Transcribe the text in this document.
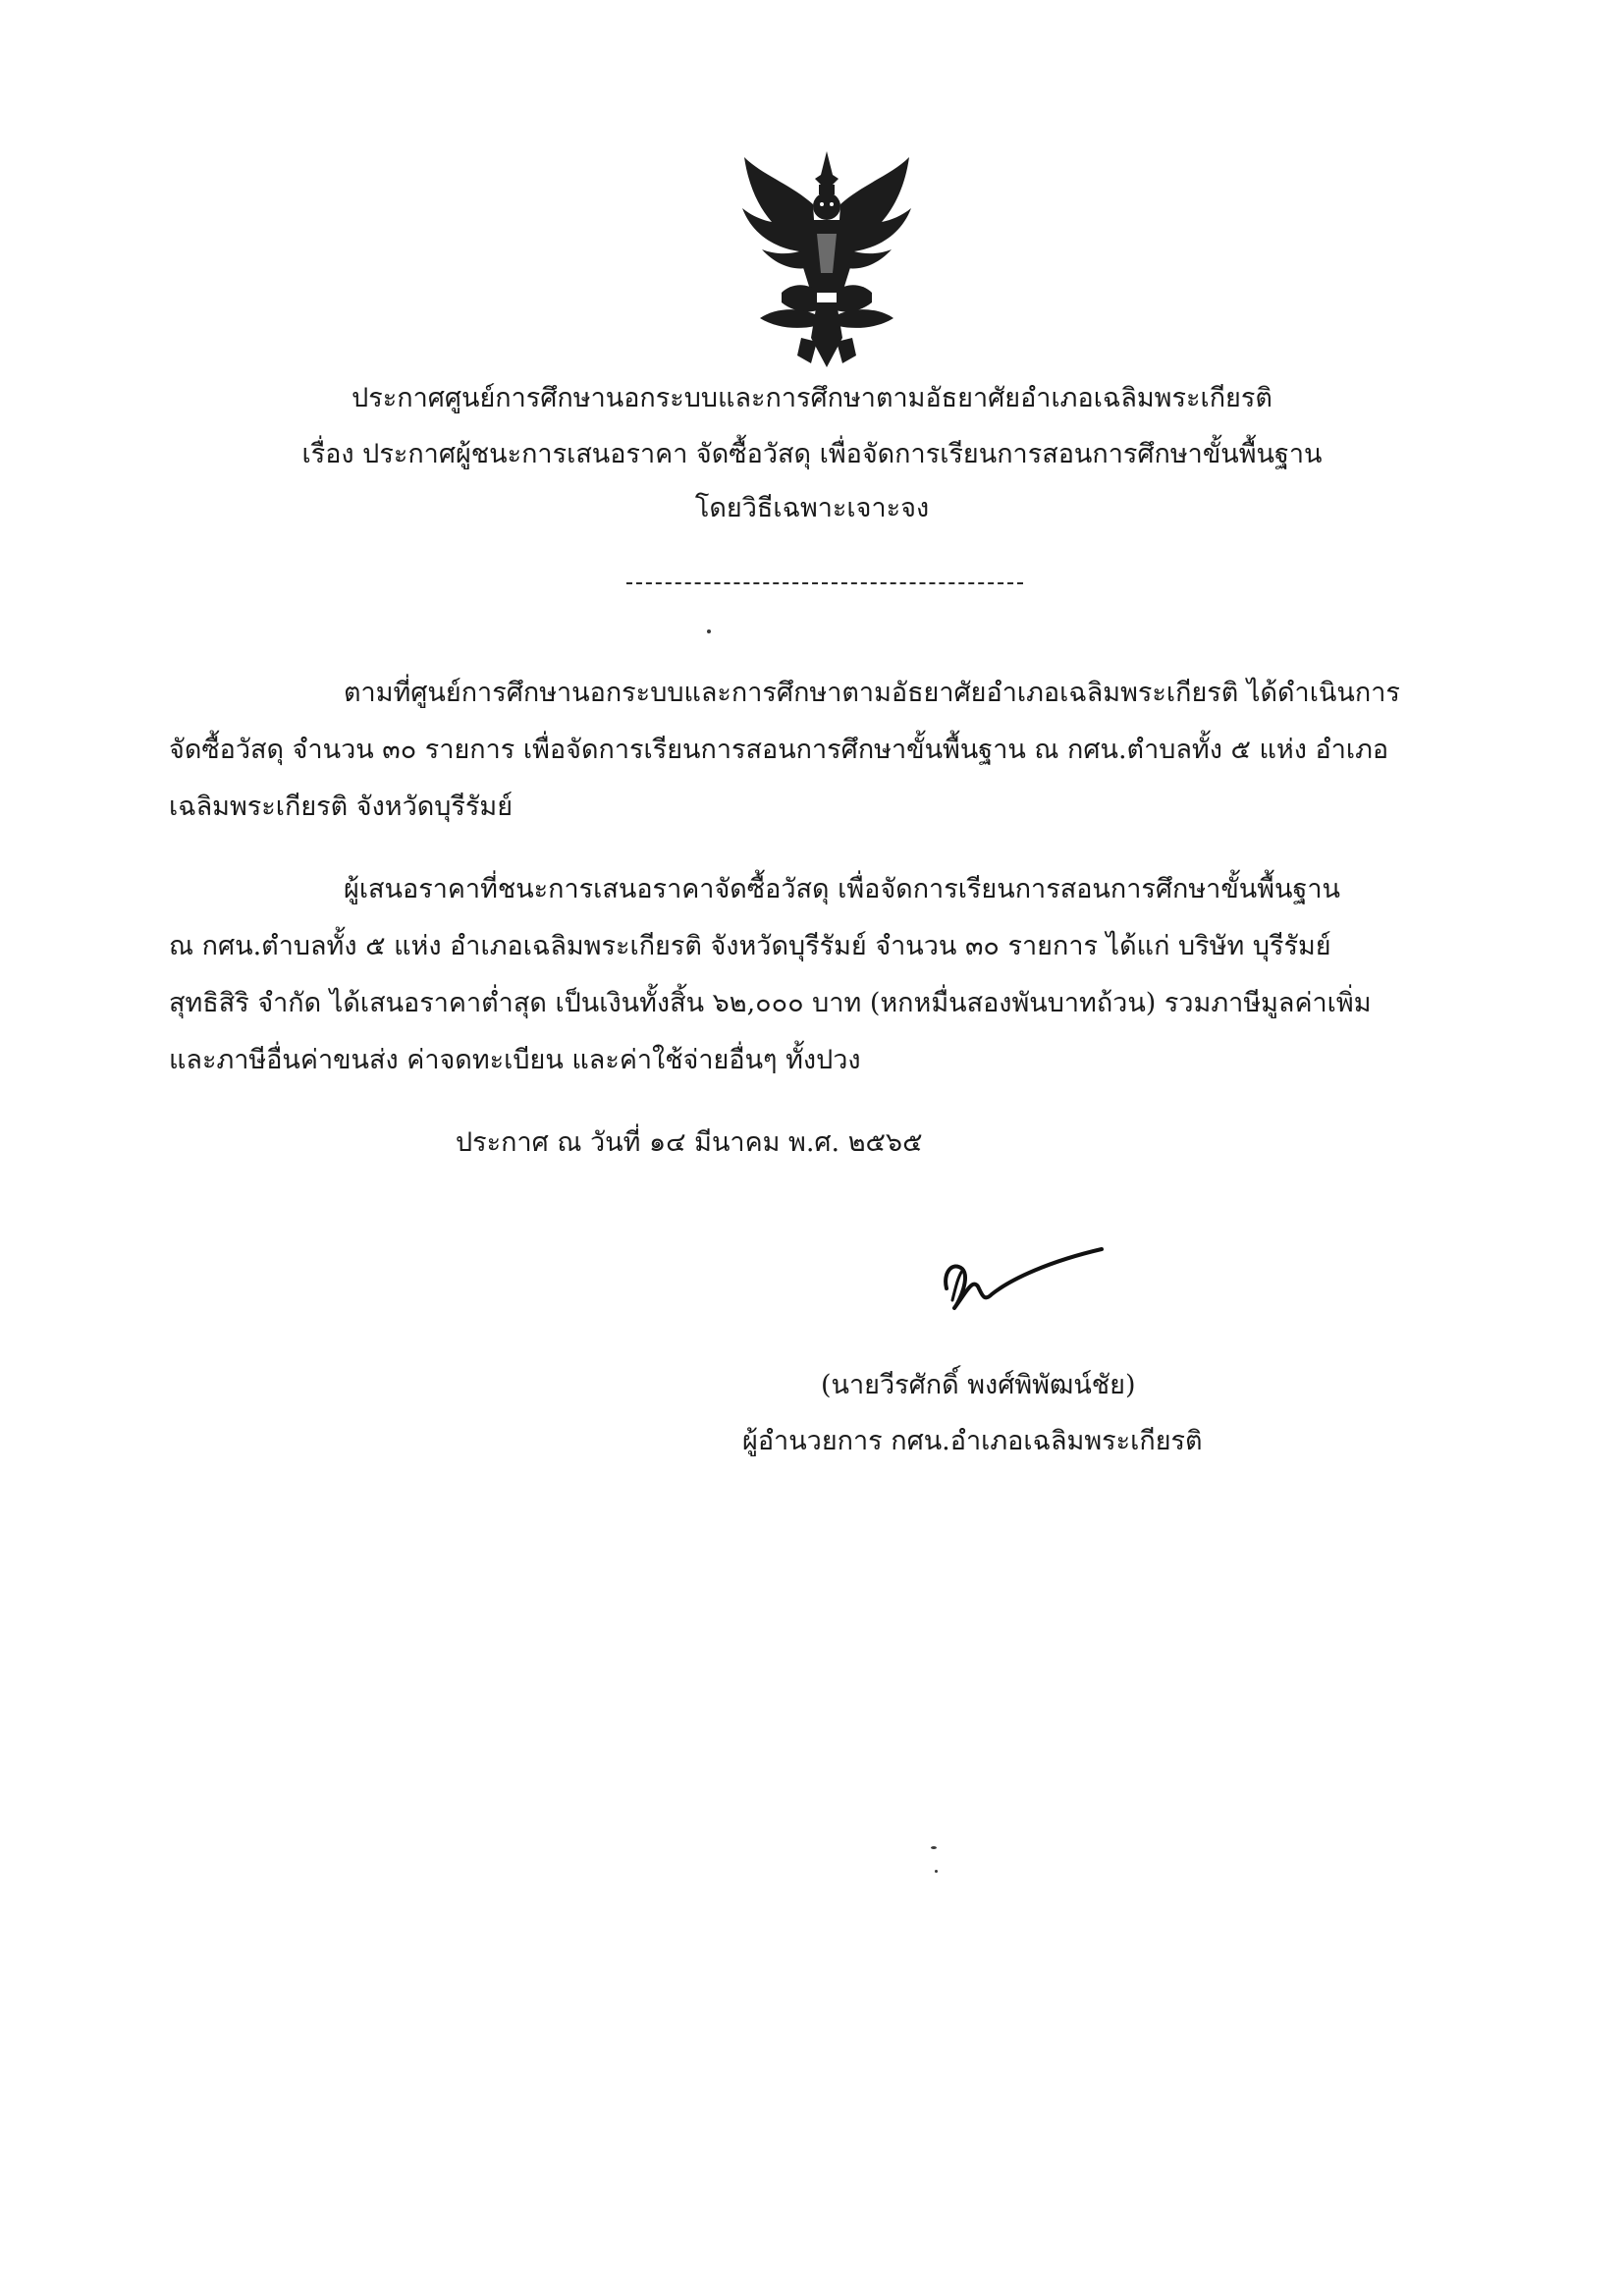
ประกาศศูนย์การศึกษานอกระบบและการศึกษาตามอัธยาศัยอำเภอเฉลิมพระเกียรติ

เรื่อง ประกาศผู้ชนะการเสนอราคา จัดซื้อวัสดุ เพื่อจัดการเรียนการสอนการศึกษาขั้นพื้นฐาน

โดยวิธีเฉพาะเจาะจง

ตามที่ศูนย์การศึกษานอกระบบและการศึกษาตามอัธยาศัยอำเภอเฉลิมพระเกียรติ ได้ดำเนินการ

จัดซื้อวัสดุ จำนวน ๓๐ รายการ เพื่อจัดการเรียนการสอนการศึกษาขั้นพื้นฐาน ณ กศน.ตำบลทั้ง ๕ แห่ง อำเภอ

เฉลิมพระเกียรติ จังหวัดบุรีรัมย์

ผู้เสนอราคาที่ชนะการเสนอราคาจัดซื้อวัสดุ เพื่อจัดการเรียนการสอนการศึกษาขั้นพื้นฐาน

ณ กศน.ตำบลทั้ง ๕ แห่ง อำเภอเฉลิมพระเกียรติ จังหวัดบุรีรัมย์ จำนวน ๓๐ รายการ ได้แก่ บริษัท บุรีรัมย์

สุทธิสิริ จำกัด ได้เสนอราคาต่ำสุด เป็นเงินทั้งสิ้น ๖๒,๐๐๐ บาท (หกหมื่นสองพันบาทถ้วน) รวมภาษีมูลค่าเพิ่ม

และภาษีอื่นค่าขนส่ง ค่าจดทะเบียน และค่าใช้จ่ายอื่นๆ ทั้งปวง

ประกาศ ณ วันที่ ๑๔ มีนาคม พ.ศ. ๒๕๖๕

(นายวีรศักดิ์ พงศ์พิพัฒน์ชัย)

ผู้อำนวยการ กศน.อำเภอเฉลิมพระเกียรติ
